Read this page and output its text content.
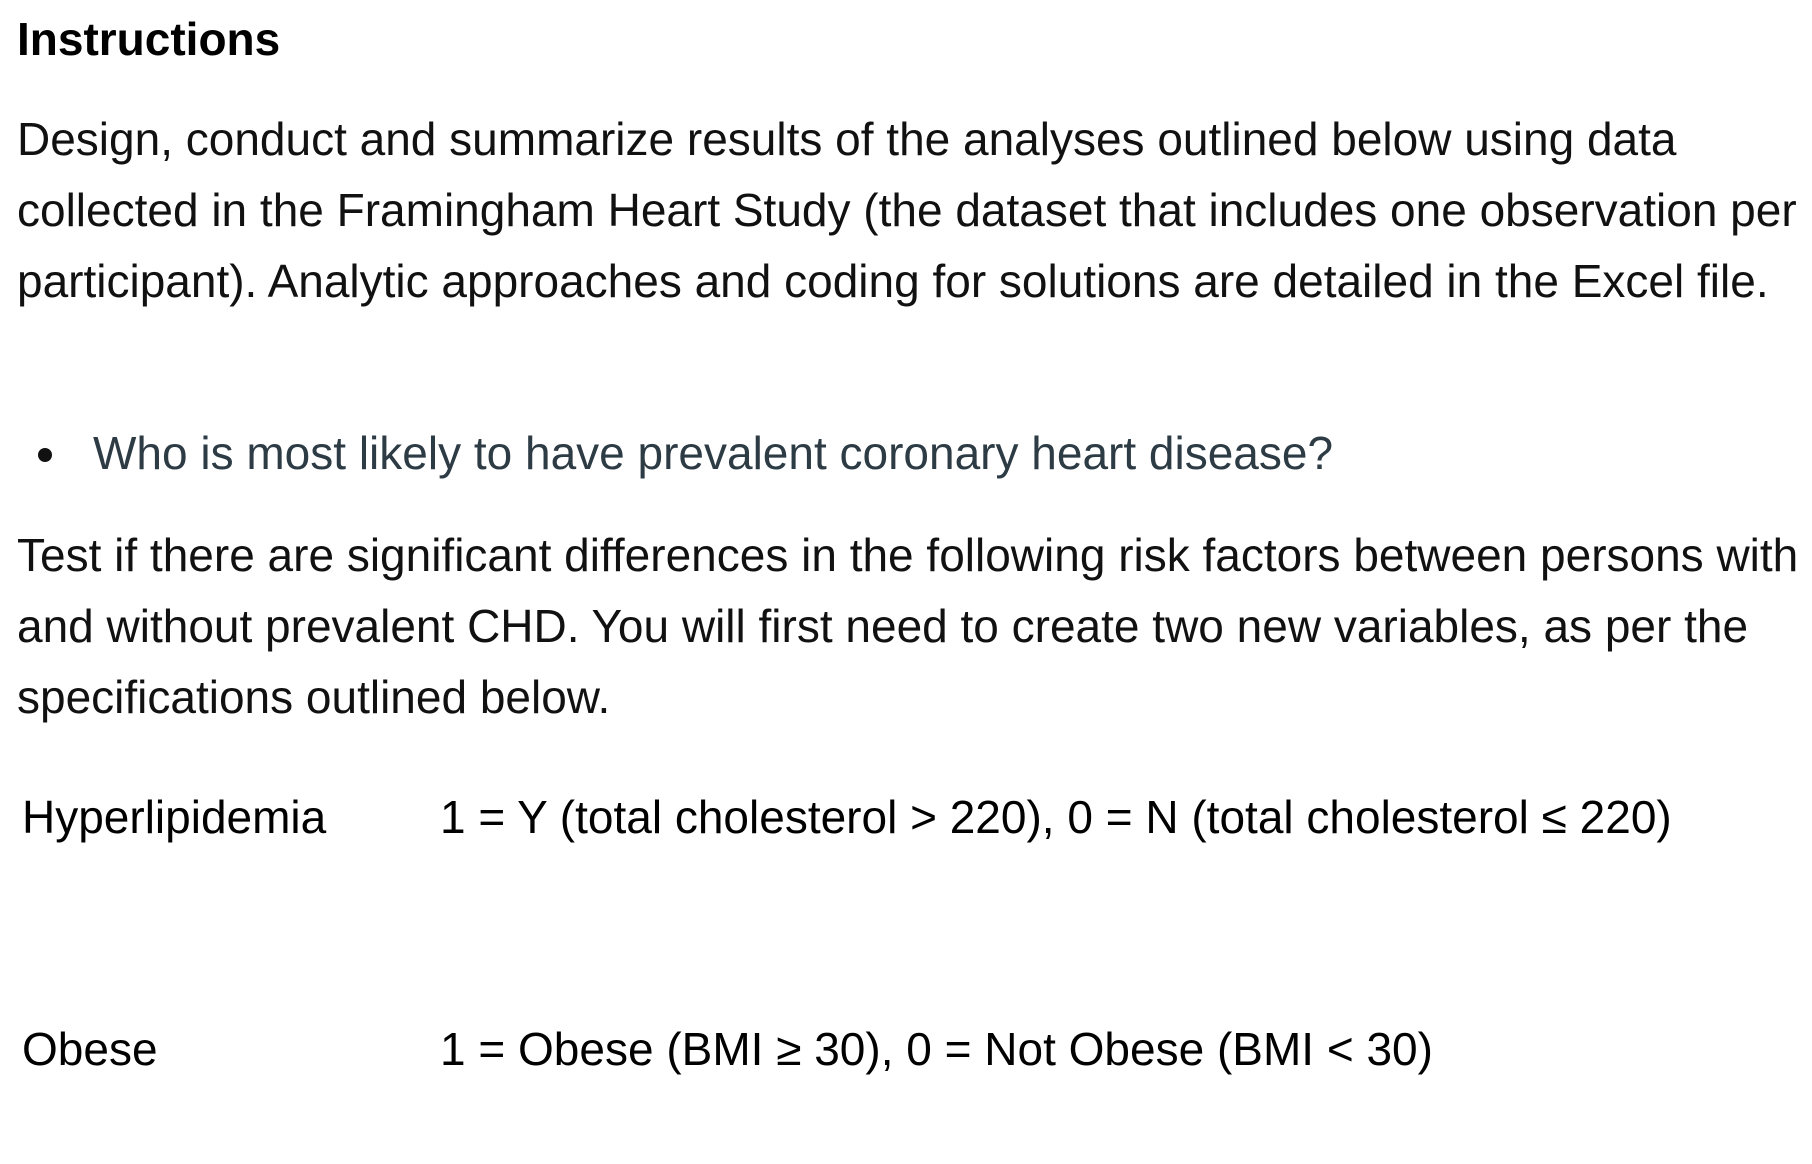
Instructions

Design, conduct and summarize results of the analyses outlined below using data collected in the Framingham Heart Study (the dataset that includes one observation per participant). Analytic approaches and coding for solutions are detailed in the Excel file.

Who is most likely to have prevalent coronary heart disease?

Test if there are significant differences in the following risk factors between persons with and without prevalent CHD. You will first need to create two new variables, as per the specifications outlined below.

Hyperlipidemia	1 = Y (total cholesterol > 220), 0 = N (total cholesterol ≤ 220)

Obese	1 = Obese (BMI ≥ 30), 0 = Not Obese (BMI < 30)
